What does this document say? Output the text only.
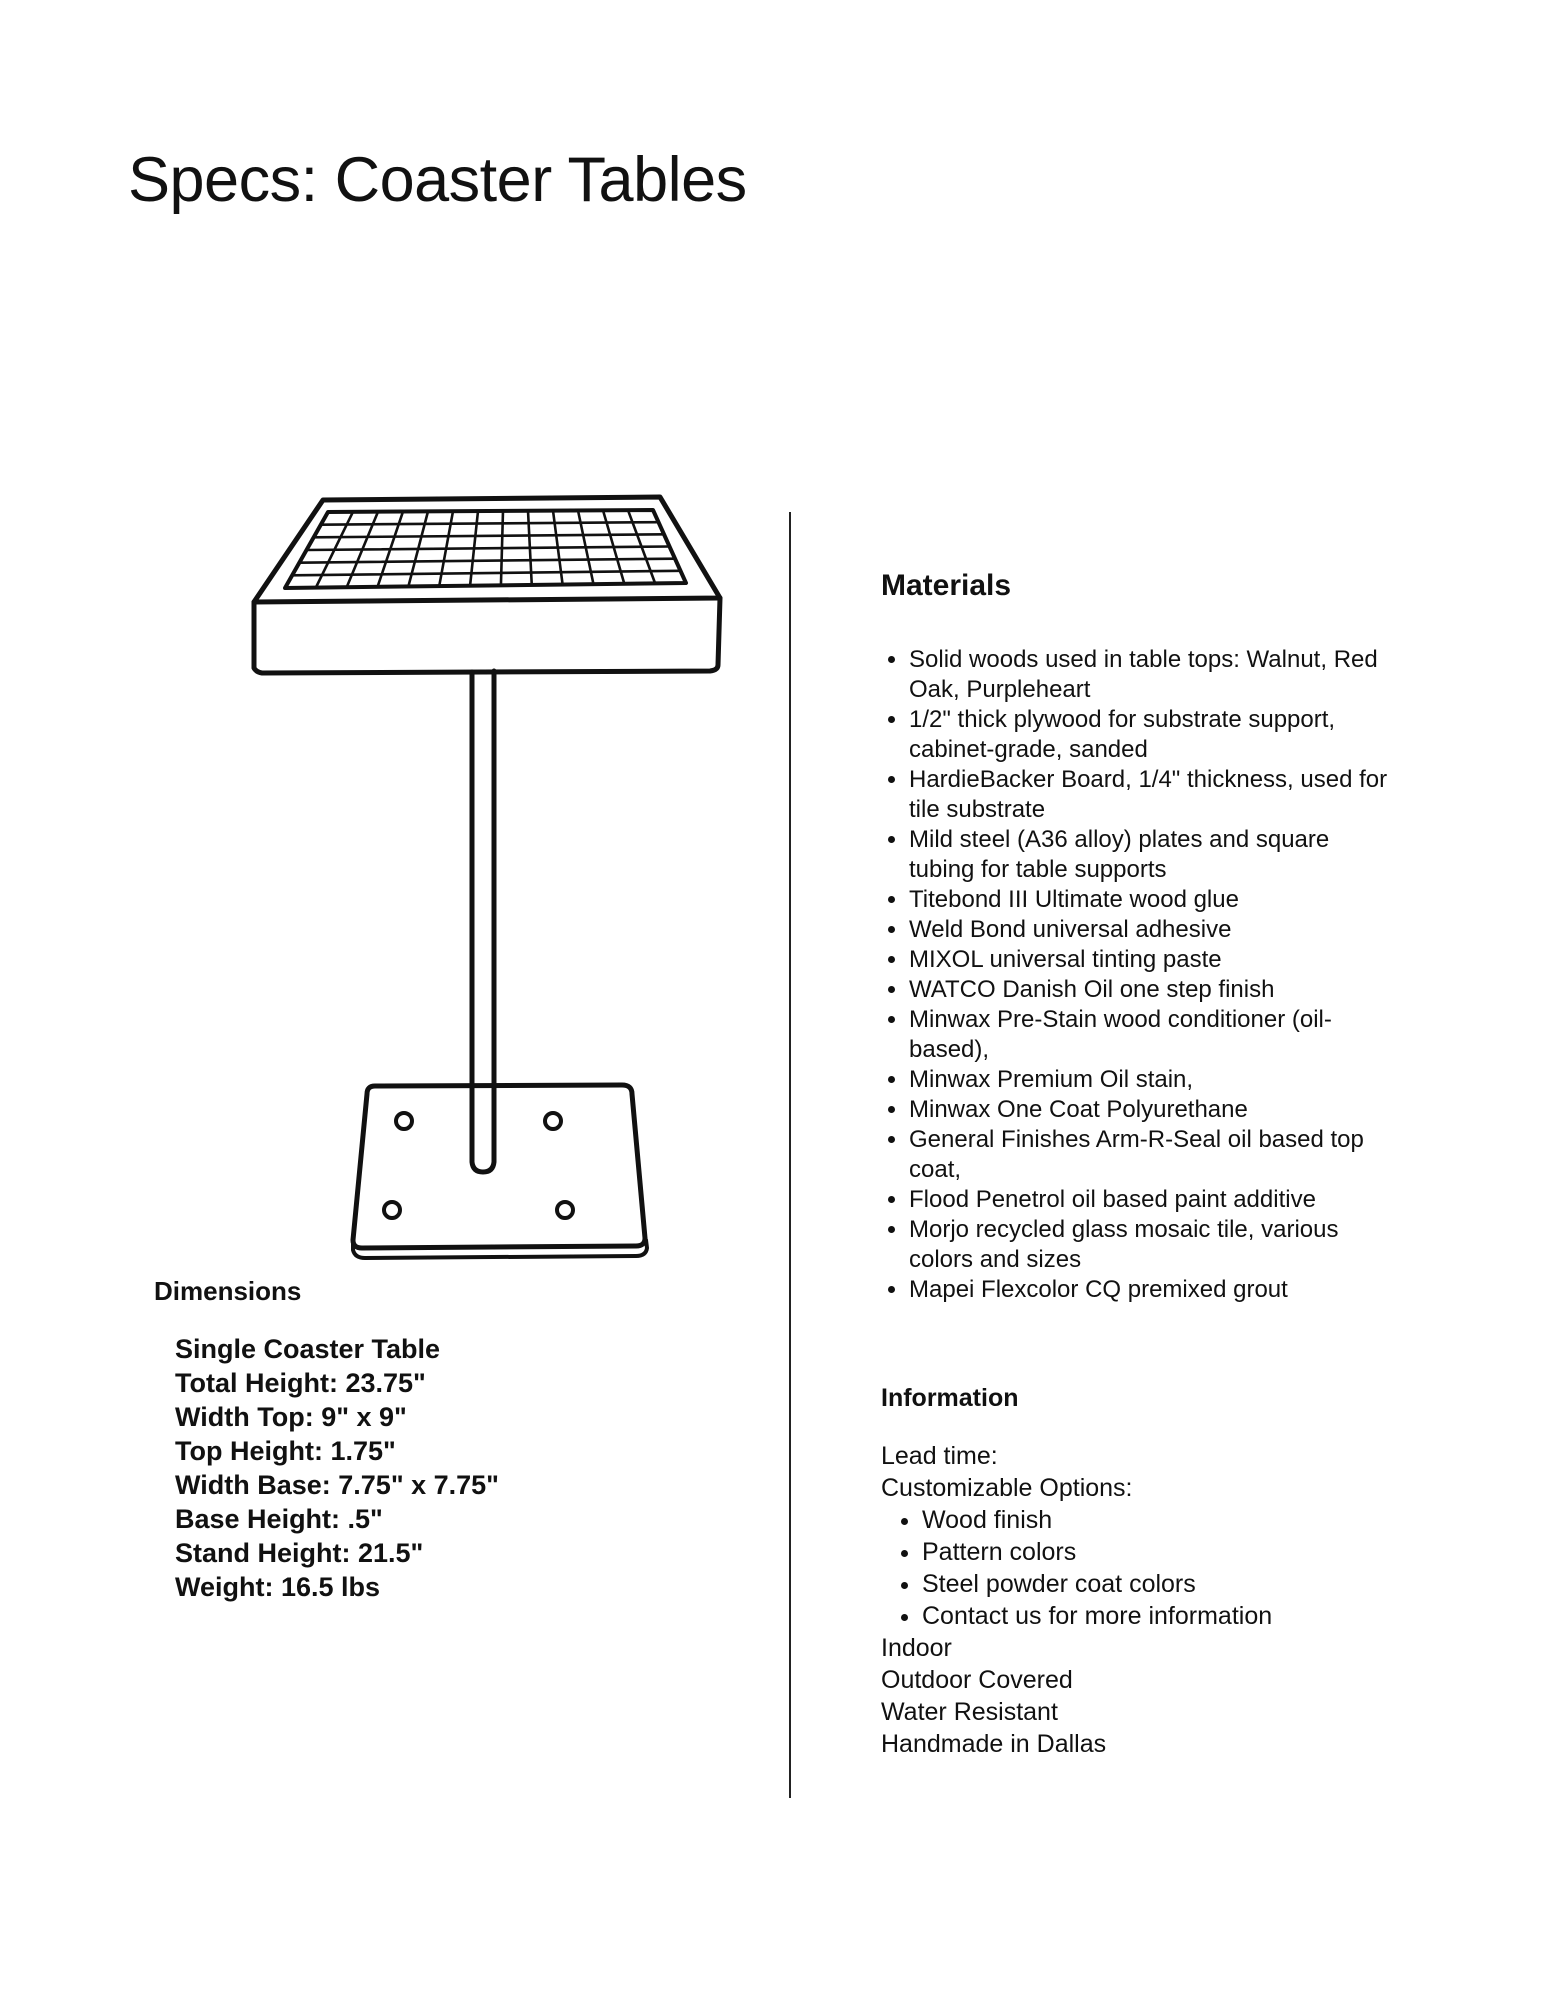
Specs: Coaster Tables
Dimensions
Single Coaster Table
Total Height: 23.75"
Width Top: 9" x 9"
Top Height: 1.75"
Width Base: 7.75" x 7.75"
Base Height: .5"
Stand Height: 21.5"
Weight: 16.5 lbs
Materials
• Solid woods used in table tops: Walnut, Red Oak, Purpleheart
• 1/2" thick plywood for substrate support, cabinet-grade, sanded
• HardieBacker Board, 1/4" thickness, used for tile substrate
• Mild steel (A36 alloy) plates and square tubing for table supports
• Titebond III Ultimate wood glue
• Weld Bond universal adhesive
• MIXOL universal tinting paste
• WATCO Danish Oil one step finish
• Minwax Pre-Stain wood conditioner (oil-based),
• Minwax Premium Oil stain,
• Minwax One Coat Polyurethane
• General Finishes Arm-R-Seal oil based top coat,
• Flood Penetrol oil based paint additive
• Morjo recycled glass mosaic tile, various colors and sizes
• Mapei Flexcolor CQ premixed grout
Information

Lead time:

Customizable Options:

• Wood finish
• Pattern colors
• Steel powder coat colors
• Contact us for more information

Indoor

Outdoor Covered

Water Resistant

Handmade in Dallas
